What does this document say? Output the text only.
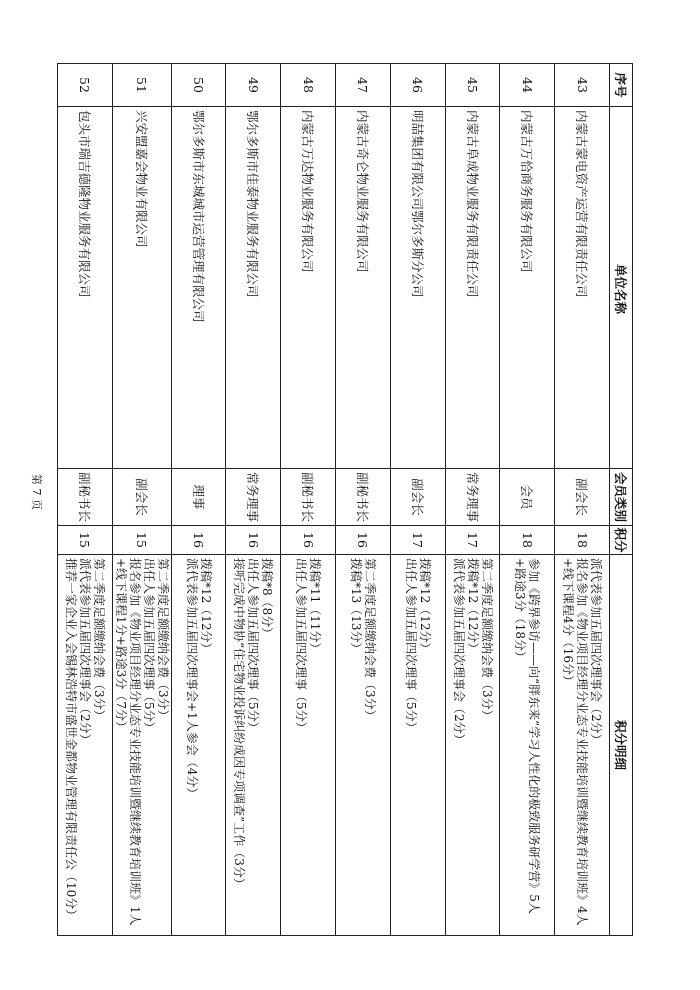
序号	单位名称	会员类别	积分	积分明细
43	内蒙古蒙电资产运营有限责任公司	副会长	18	派代表参加五届四次理事会（2分）
报名参加《物业项目经理分业态专业技能培训暨继续教育培训班》4人+线下课程4分（16分）

44	内蒙古万恰商务服务有限公司	会员	18	参加《跨界参访——向“胖东来”学习人性化的极致服务研学营》5人+路途3分（18分）

45	内蒙古阜成物业服务有限责任公司	常务理事	17	第二季度足额缴纳会费（3分）
拨稿*12（12分）
派代表参加五届四次理事会（2分）

46	明喆集团有限公司鄂尔多斯分公司	副会长	17	拨稿*12（12分）
出任人参加五届四次理事（5分）

47	内蒙古奇仑物业服务有限公司	副秘书长	16	第二季度足额缴纳会费（3分）
拨稿*13（13分）

48	内蒙古万达物业服务有限公司	副秘书长	16	拨稿*11（11分）
出任人参加五届四次理事（5分）

49	鄂尔多斯市佳泰物业服务有限公司	常务理事	16	拨稿*8（8分）
出任人参加五届四次理事（5分）
接听完成中物协“住宅物业投诉纠纷成因专项调查”工作（3分）

50	鄂尔多斯市东城城市运营管理有限公司	理事	16	拨稿*12（12分）
派代表参加五届四次理事会+1人参会（4分）

51	兴安盟嘉会物业有限公司	副会长	15	第二季度足额缴纳会费（3分）
出任人参加五届四次理事（5分）
报名参加《物业项目经理分业态专业技能培训暨继续教育培训班》1人+线下课程1分+路途3分（7分）

52	包头市瑞吉德隆物业服务有限公司	副秘书长	15	第二季度足额缴纳会费（3分）
派代表参加五届四次理事会（2分）
推荐一家企业入会锡林浩特市盛世金都物业管理有限责任公（10分）
第 7 页
